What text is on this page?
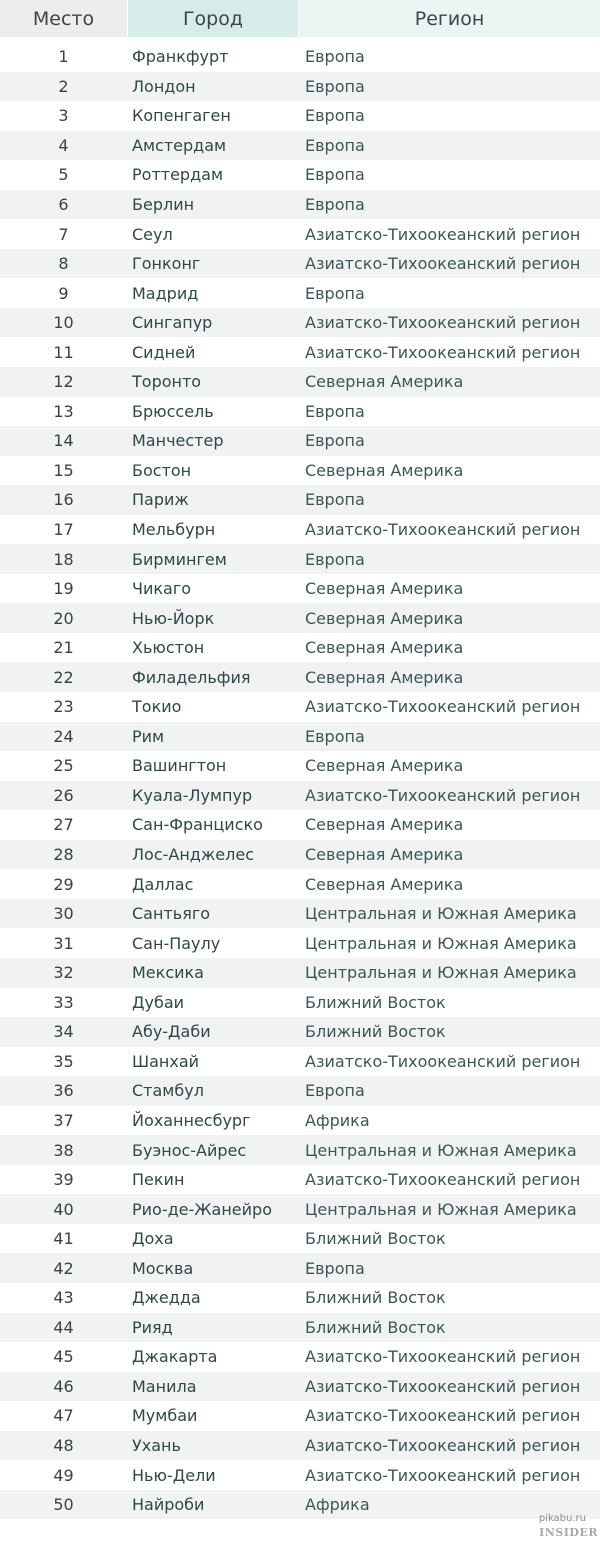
Место	Город	Регион
1	Франкфурт	Европа
2	Лондон	Европа
3	Копенгаген	Европа
4	Амстердам	Европа
5	Роттердам	Европа
6	Берлин	Европа
7	Сеул	Азиатско-Тихоокеанский регион
8	Гонконг	Азиатско-Тихоокеанский регион
9	Мадрид	Европа
10	Сингапур	Азиатско-Тихоокеанский регион
11	Сидней	Азиатско-Тихоокеанский регион
12	Торонто	Северная Америка
13	Брюссель	Европа
14	Манчестер	Европа
15	Бостон	Северная Америка
16	Париж	Европа
17	Мельбурн	Азиатско-Тихоокеанский регион
18	Бирмингем	Европа
19	Чикаго	Северная Америка
20	Нью-Йорк	Северная Америка
21	Хьюстон	Северная Америка
22	Филадельфия	Северная Америка
23	Токио	Азиатско-Тихоокеанский регион
24	Рим	Европа
25	Вашингтон	Северная Америка
26	Куала-Лумпур	Азиатско-Тихоокеанский регион
27	Сан-Франциско	Северная Америка
28	Лос-Анджелес	Северная Америка
29	Даллас	Северная Америка
30	Сантьяго	Центральная и Южная Америка
31	Сан-Паулу	Центральная и Южная Америка
32	Мексика	Центральная и Южная Америка
33	Дубаи	Ближний Восток
34	Абу-Даби	Ближний Восток
35	Шанхай	Азиатско-Тихоокеанский регион
36	Стамбул	Европа
37	Йоханнесбург	Африка
38	Буэнос-Айрес	Центральная и Южная Америка
39	Пекин	Азиатско-Тихоокеанский регион
40	Рио-де-Жанейро	Центральная и Южная Америка
41	Доха	Ближний Восток
42	Москва	Европа
43	Джедда	Ближний Восток
44	Рияд	Ближний Восток
45	Джакарта	Азиатско-Тихоокеанский регион
46	Манила	Азиатско-Тихоокеанский регион
47	Мумбаи	Азиатско-Тихоокеанский регион
48	Ухань	Азиатско-Тихоокеанский регион
49	Нью-Дели	Азиатско-Тихоокеанский регион
50	Найроби	Африка
pikabu.ru
INSIDER
